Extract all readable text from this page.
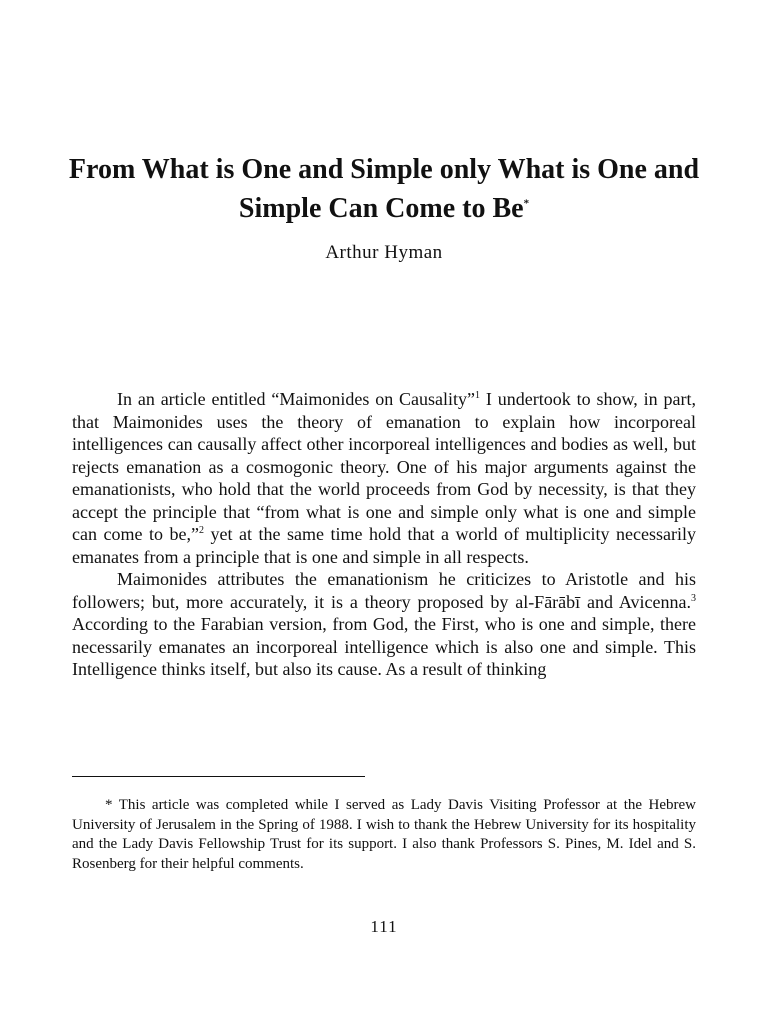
From What is One and Simple only What is One and Simple Can Come to Be*
Arthur Hyman

In an article entitled “Maimonides on Causality”$^1$ I undertook to show, in part, that Maimonides uses the theory of emanation to explain how incorporeal intelligences can causally affect other incorporeal intelligences and bodies as well, but rejects emanation as a cosmogonic theory. One of his major arguments against the emanationists, who hold that the world proceeds from God by necessity, is that they accept the principle that “from what is one and simple only what is one and simple can come to be,”$^2$ yet at the same time hold that a world of multiplicity necessarily emanates from a principle that is one and simple in all respects.

Maimonides attributes the emanationism he criticizes to Aristotle and his followers; but, more accurately, it is a theory proposed by al-Fārābī and Avicenna.$^3$ According to the Farabian version, from God, the First, who is one and simple, there necessarily emanates an incorporeal intelligence which is also one and simple. This Intelligence thinks itself, but also its cause. As a result of thinking

* This article was completed while I served as Lady Davis Visiting Professor at the Hebrew University of Jerusalem in the Spring of 1988. I wish to thank the Hebrew University for its hospitality and the Lady Davis Fellowship Trust for its support. I also thank Professors S. Pines, M. Idel and S. Rosenberg for their helpful comments.

111
